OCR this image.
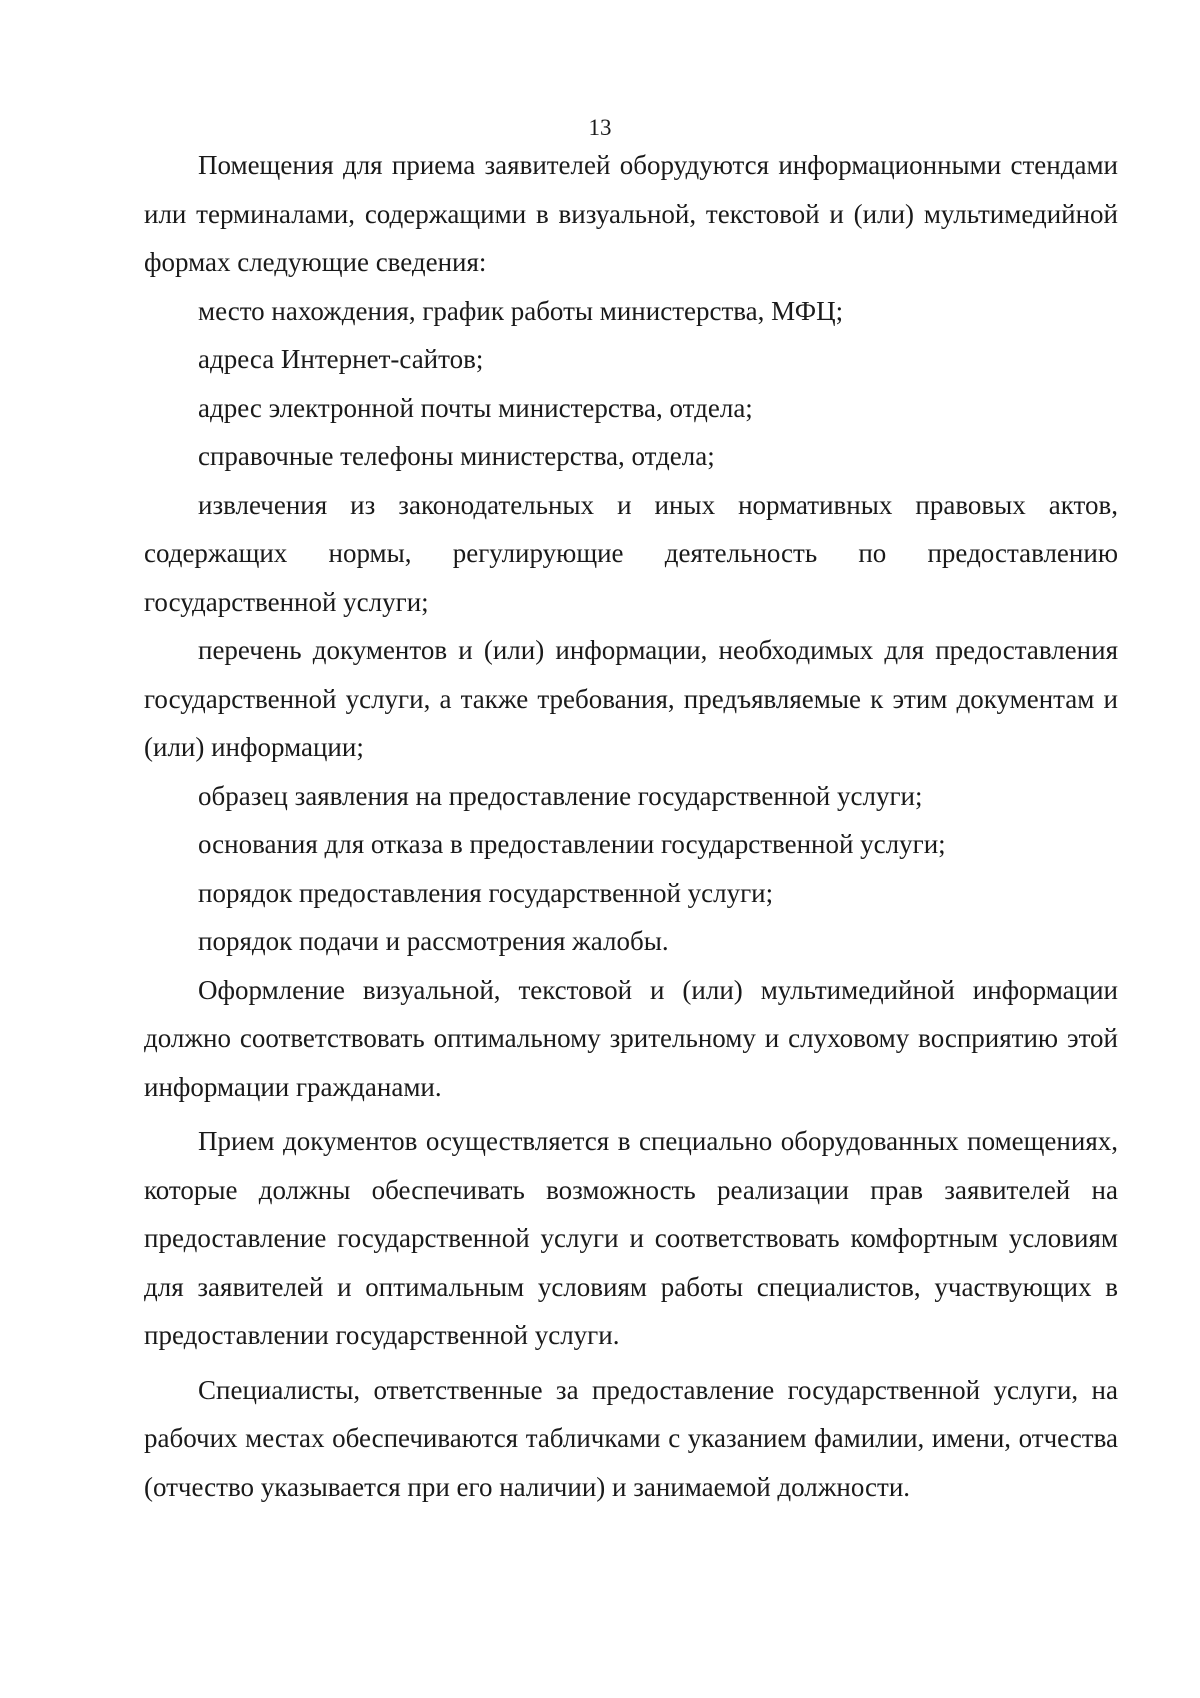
13

Помещения для приема заявителей оборудуются информационными стендами или терминалами, содержащими в визуальной, текстовой и (или) мультимедийной формах следующие сведения:

место нахождения, график работы министерства, МФЦ;

адреса Интернет-сайтов;

адрес электронной почты министерства, отдела;

справочные телефоны министерства, отдела;

извлечения из законодательных и иных нормативных правовых актов, содержащих нормы, регулирующие деятельность по предоставлению государственной услуги;

перечень документов и (или) информации, необходимых для предоставления государственной услуги, а также требования, предъявляемые к этим документам и (или) информации;

образец заявления на предоставление государственной услуги;

основания для отказа в предоставлении государственной услуги;

порядок предоставления государственной услуги;

порядок подачи и рассмотрения жалобы.

Оформление визуальной, текстовой и (или) мультимедийной информации должно соответствовать оптимальному зрительному и слуховому восприятию этой информации гражданами.

Прием документов осуществляется в специально оборудованных помещениях, которые должны обеспечивать возможность реализации прав заявителей на предоставление государственной услуги и соответствовать комфортным условиям для заявителей и оптимальным условиям работы специалистов, участвующих в предоставлении государственной услуги.

Специалисты, ответственные за предоставление государственной услуги, на рабочих местах обеспечиваются табличками с указанием фамилии, имени, отчества (отчество указывается при его наличии) и занимаемой должности.
